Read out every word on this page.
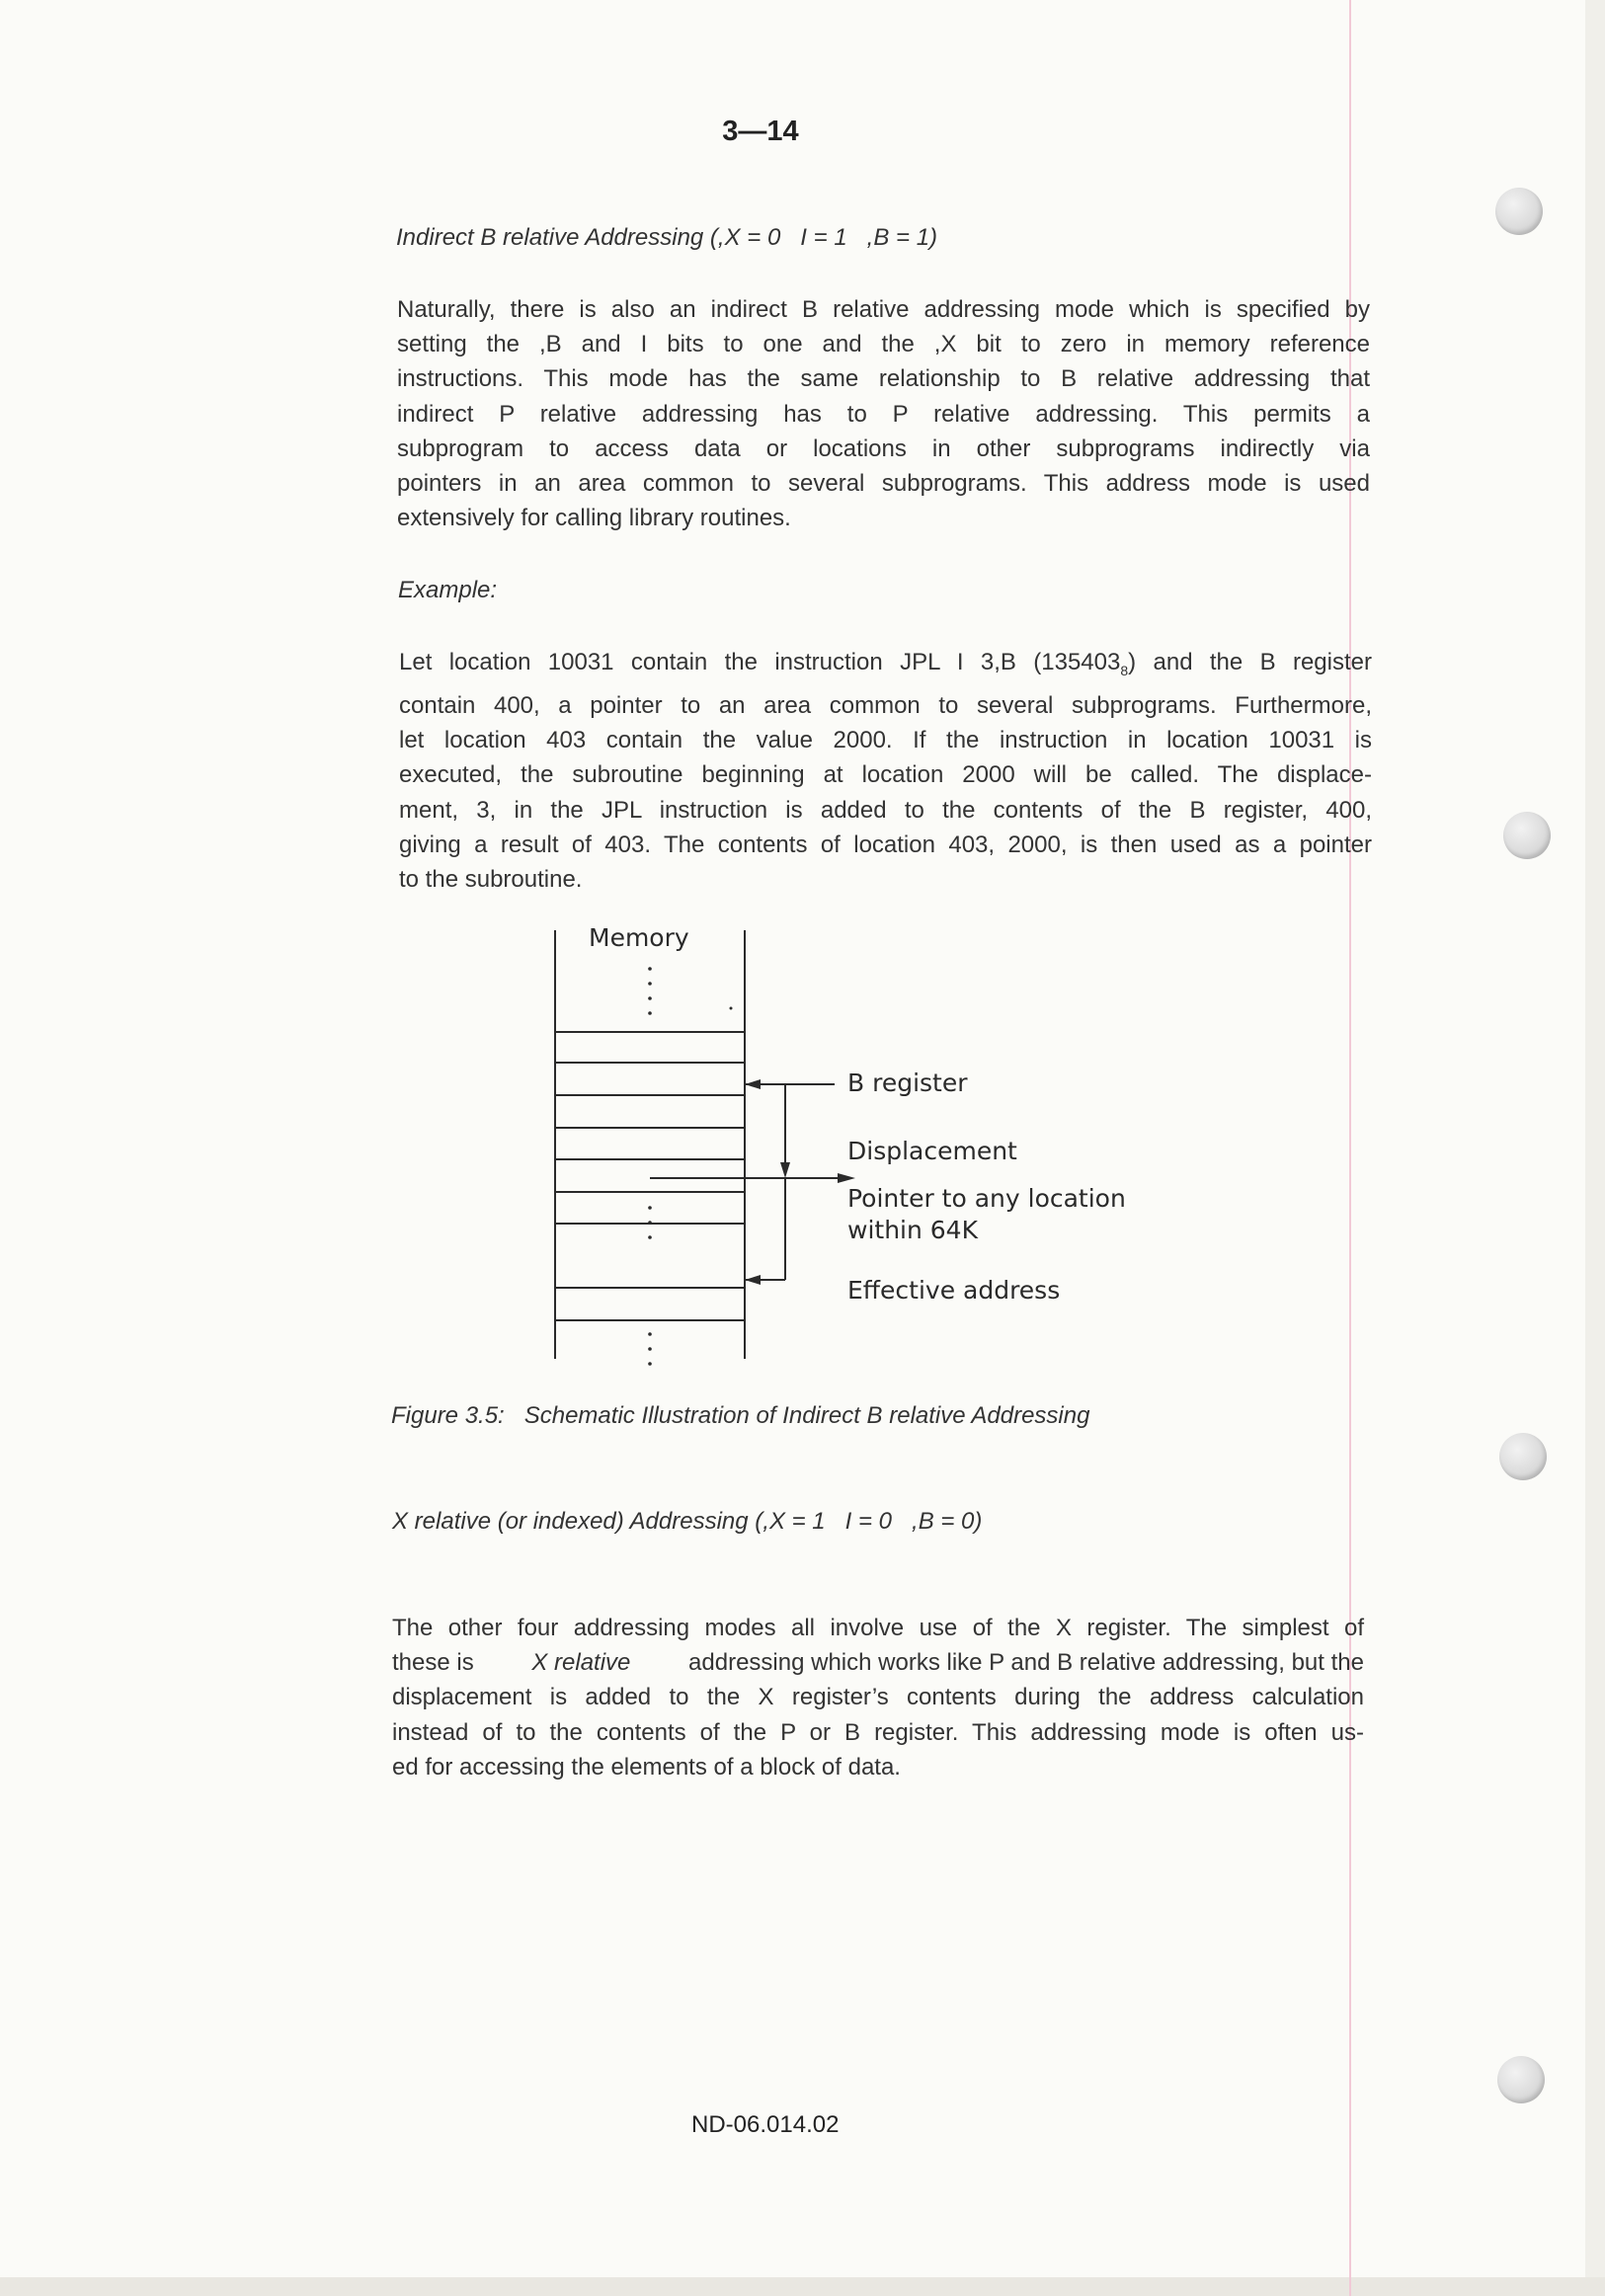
3—14
Indirect B relative Addressing (,X = 0   I = 1   ,B = 1)
Naturally, there is also an indirect B relative addressing mode which is specified by
setting the ,B and I bits to one and the ,X bit to zero in memory reference
instructions. This mode has the same relationship to B relative addressing that
indirect P relative addressing has to P relative addressing. This permits a
subprogram to access data or locations in other subprograms indirectly via
pointers in an area common to several subprograms. This address mode is used
extensively for calling library routines.
Example:
Let location 10031 contain the instruction JPL I 3,B $(135403_8)$ and the B register
contain 400, a pointer to an area common to several subprograms. Furthermore,
let location 403 contain the value 2000. If the instruction in location 10031 is
executed, the subroutine beginning at location 2000 will be called. The displace-
ment, 3, in the JPL instruction is added to the contents of the B register, 400,
giving a result of 403. The contents of location 403, 2000, is then used as a pointer
to the subroutine.
Memory
B register
Displacement
Pointer to any location
within 64K
Effective address
Figure 3.5:   Schematic Illustration of Indirect B relative Addressing
X relative (or indexed) Addressing (,X = 1   I = 0   ,B = 0)
The other four addressing modes all involve use of the X register. The simplest of
these is X relative addressing which works like P and B relative addressing, but the
displacement is added to the X register’s contents during the address calculation
instead of to the contents of the P or B register. This addressing mode is often us-
ed for accessing the elements of a block of data.
ND-06.014.02
